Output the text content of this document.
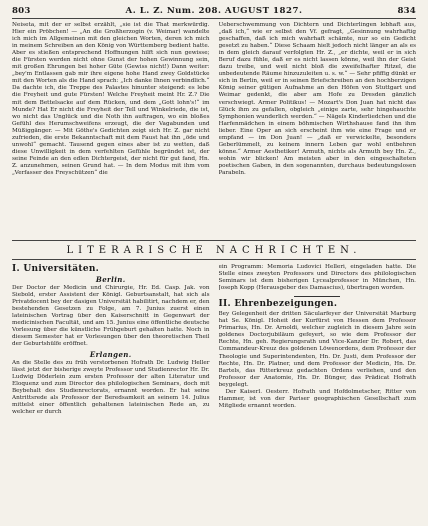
803	A. L. Z. Num. 208. AUGUST 1827.	834

Neiseta, mit der er selbst erzählt, „sie ist die That merkwürdig. Hier ein Pröbchen! — „An die Großherzogin (v. Weimar) wandelte ich mich im Allgemeinen mit den gleichen Worten, deren ich mich in meinem Schreiben an den König von Württemberg bedient hatte. Aber es stießen entsprechend Hoffnungen hilft sich nun gewisse; die Fürsten werden nicht ohne Gunst der hohen Gewinnung sein, mit großen Ehrungen bei hoher Güte (Gewiss nicht!) Dann weiter: „bey'm Entlassen gab mir ihre eigene hohe Hand zwey Goldstücke mit den Worten als die Hand sprach: „Ich danke Ihnen verbindlich.“ Da dachte ich, die Treppe des Palastes hinunter steigend: es lebe die Freyheit und gute Fürsten! Welche Freyheit meint Hr. Z.? Die mit dem Bettelsacke auf dem Rücken, und dem „Gott lohn's!“ im Munde? Hat Er nicht die Freyheit der Tell und Winkelriede, die ist, wo nicht das Unglück und die Noth ihn auftragen, wo ein bloßes Gefühl des Herumschweifens erzeugt, die der Vagabunden und Müßiggänger. — Mit Göthe's Gedichten zeigt sich Hr. Z. gar nicht zufrieden, die erste Bekanntschaft mit dem Faust hat ihn „öde und unwohl“ gemacht. Tausend gegen eines aber ist zu wetten, daß diese Unwilligkeit in dem verfehlten Gefühle begründet ist, der seine Feinde an den edlen Dichtergeist, der nicht für gut fand, Hn. Z. anzunehmen, seinen Grund hat. — In dem Modus mit ihm vom „Verfasser des Freyschützen“ die

Ueberschwemmung von Dichtern und Dichterlingen lebhaft aus, „daß ich,“ wie er selbst den Vf. gefragt, „Gesinnung wahrhaftig geschaffen, daß ich mich wahrhaft schämte, nur so ein Gedicht gesetzt zu haben.“ Diese Schaam hielt jedoch nicht länger an als es in dem gleich darauf verfolgten Hr. Z., „er dichte, weil er in sich Beruf dazu fühle, daß er es nicht lassen könne, weil ihn der Geist dazu treibe, und weil nicht bloß die zweifelhafter Ritzel, die unbedeutende Räume hinzuzuleiten u. s. w.“ — Sehr pfiffig dünkt er sich in Berlin, weil er in seinen Briefschreiben an den hochberzigen König seiner gütigen Aufnahme an den Höfen von Stuttgart und Weimar gedenkt, die aber am Hofe zu Dresden gänzlich verschwiegt. Armer Politikus! — Mozart's Don Juan hat nicht das Glück ihm zu gefallen, obgleich „einige zarte, sehr hingehauchte Symphonien wunderlich werden.“ — Nägels Kinderliedchen und die Harfenmädchen in einem böhmischen Wirthshause fand ihn ihm lieber. Eine Oper an sich erscheint ihm wie eine Frage und er empfand — im Don Juan! — „daß er verwickelte, besonders Geberlümmelt, zu keinem innern Leben gar wohl entbehren könne.“ Armer Aesthetiker! Armuth, nichts als Armuth bey Hn. Z., wohin wir blicken! Am meisten aber in den eingeschalteten poetischen Gaben, in den sogenannten, durchaus bedeutungslosen Parabeln.

LITERARISCHE NACHRICHTEN.
I. Universitäten.
Berlin.

Der Doctor der Medicin und Chirurgie, Hr. Ed. Casp. Jak. von Siebold, erster Assistent der Königl. Geburtsanstalt, hat sich als Privatdocent bey der dasigen Universität habilitirt, nachdem er, den bestehenden Gesetzen zu Folge, am 7. Junius zuerst einen lateinischen Vortrag über den Kaiserschnitt in Gegenwart der medicinischen Facultät, und am 15. Junius eine öffentliche deutsche Vorlesung über die künstliche Frühgeburt gehalten hatte. Noch in diesem Semester hat er Vorlesungen über den theoretischen Theil der Geburtshülfe eröffnet.

Erlangen.

An die Stelle des zu früh verstorbenen Hofrath Dr. Ludwig Heller lässt jetzt der bisherige zweyte Professor und Studienrector Hr. Dr. Ludwig Döderlein zum ersten Professor der alten Literatur und Eloquenz und zum Director des philologischen Seminars, doch mit Beybehalt des Studienrectorats, ernannt worden. Er hat seine Antrittsrede als Professor der Beredsamkeit an seinem 14. Julius mittelst einer öffentlich gehaltenen lateinischen Rede an, zu welcher er durch

ein Programm: Memoria Ludovici Helleri, eingeladen hatte. Die Stelle eines zweyten Professors und Directors des philologischen Seminars ist dem bisherigen Lycealprofessor in München, Hn. Joseph Kopp (Herausgeber des Damascius), übertragen worden.

II. Ehrenbezeigungen.

Bey Gelegenheit der dritten Säcularfeyer der Universität Marburg hat Se. Königl. Hoheit der Kurfürst von Hessen dem Professor Primarius, Hn. Dr. Arnoldi, welcher zugleich in diesem Jahre sein goldenes Doctorjubiläum gefeyert, so wie dem Professor der Rechte, Hn. geh. Regierungsrath und Vice-Kanzler Dr. Robert, das Commandeur-Kreuz des goldenen Löwenordens, dem Professor der Theologie und Superintendenten, Hn. Dr. Justi, dem Professor der Rechte, Hn. Dr. Platner, und dem Professor der Medicin, Hn. Dr. Bartels, das Ritterkreuz gedachten Ordens verliehen, und den Professor der Anatomie, Hn. Dr. Bünger, das Prädicat Hofrath beygelegt.

Der Kaiserl. Oesterr. Hofrath und Hofdolmetscher, Ritter von Hammer, ist von der Pariser geographischen Gesellschaft zum Mitgliede ernannt worden.
